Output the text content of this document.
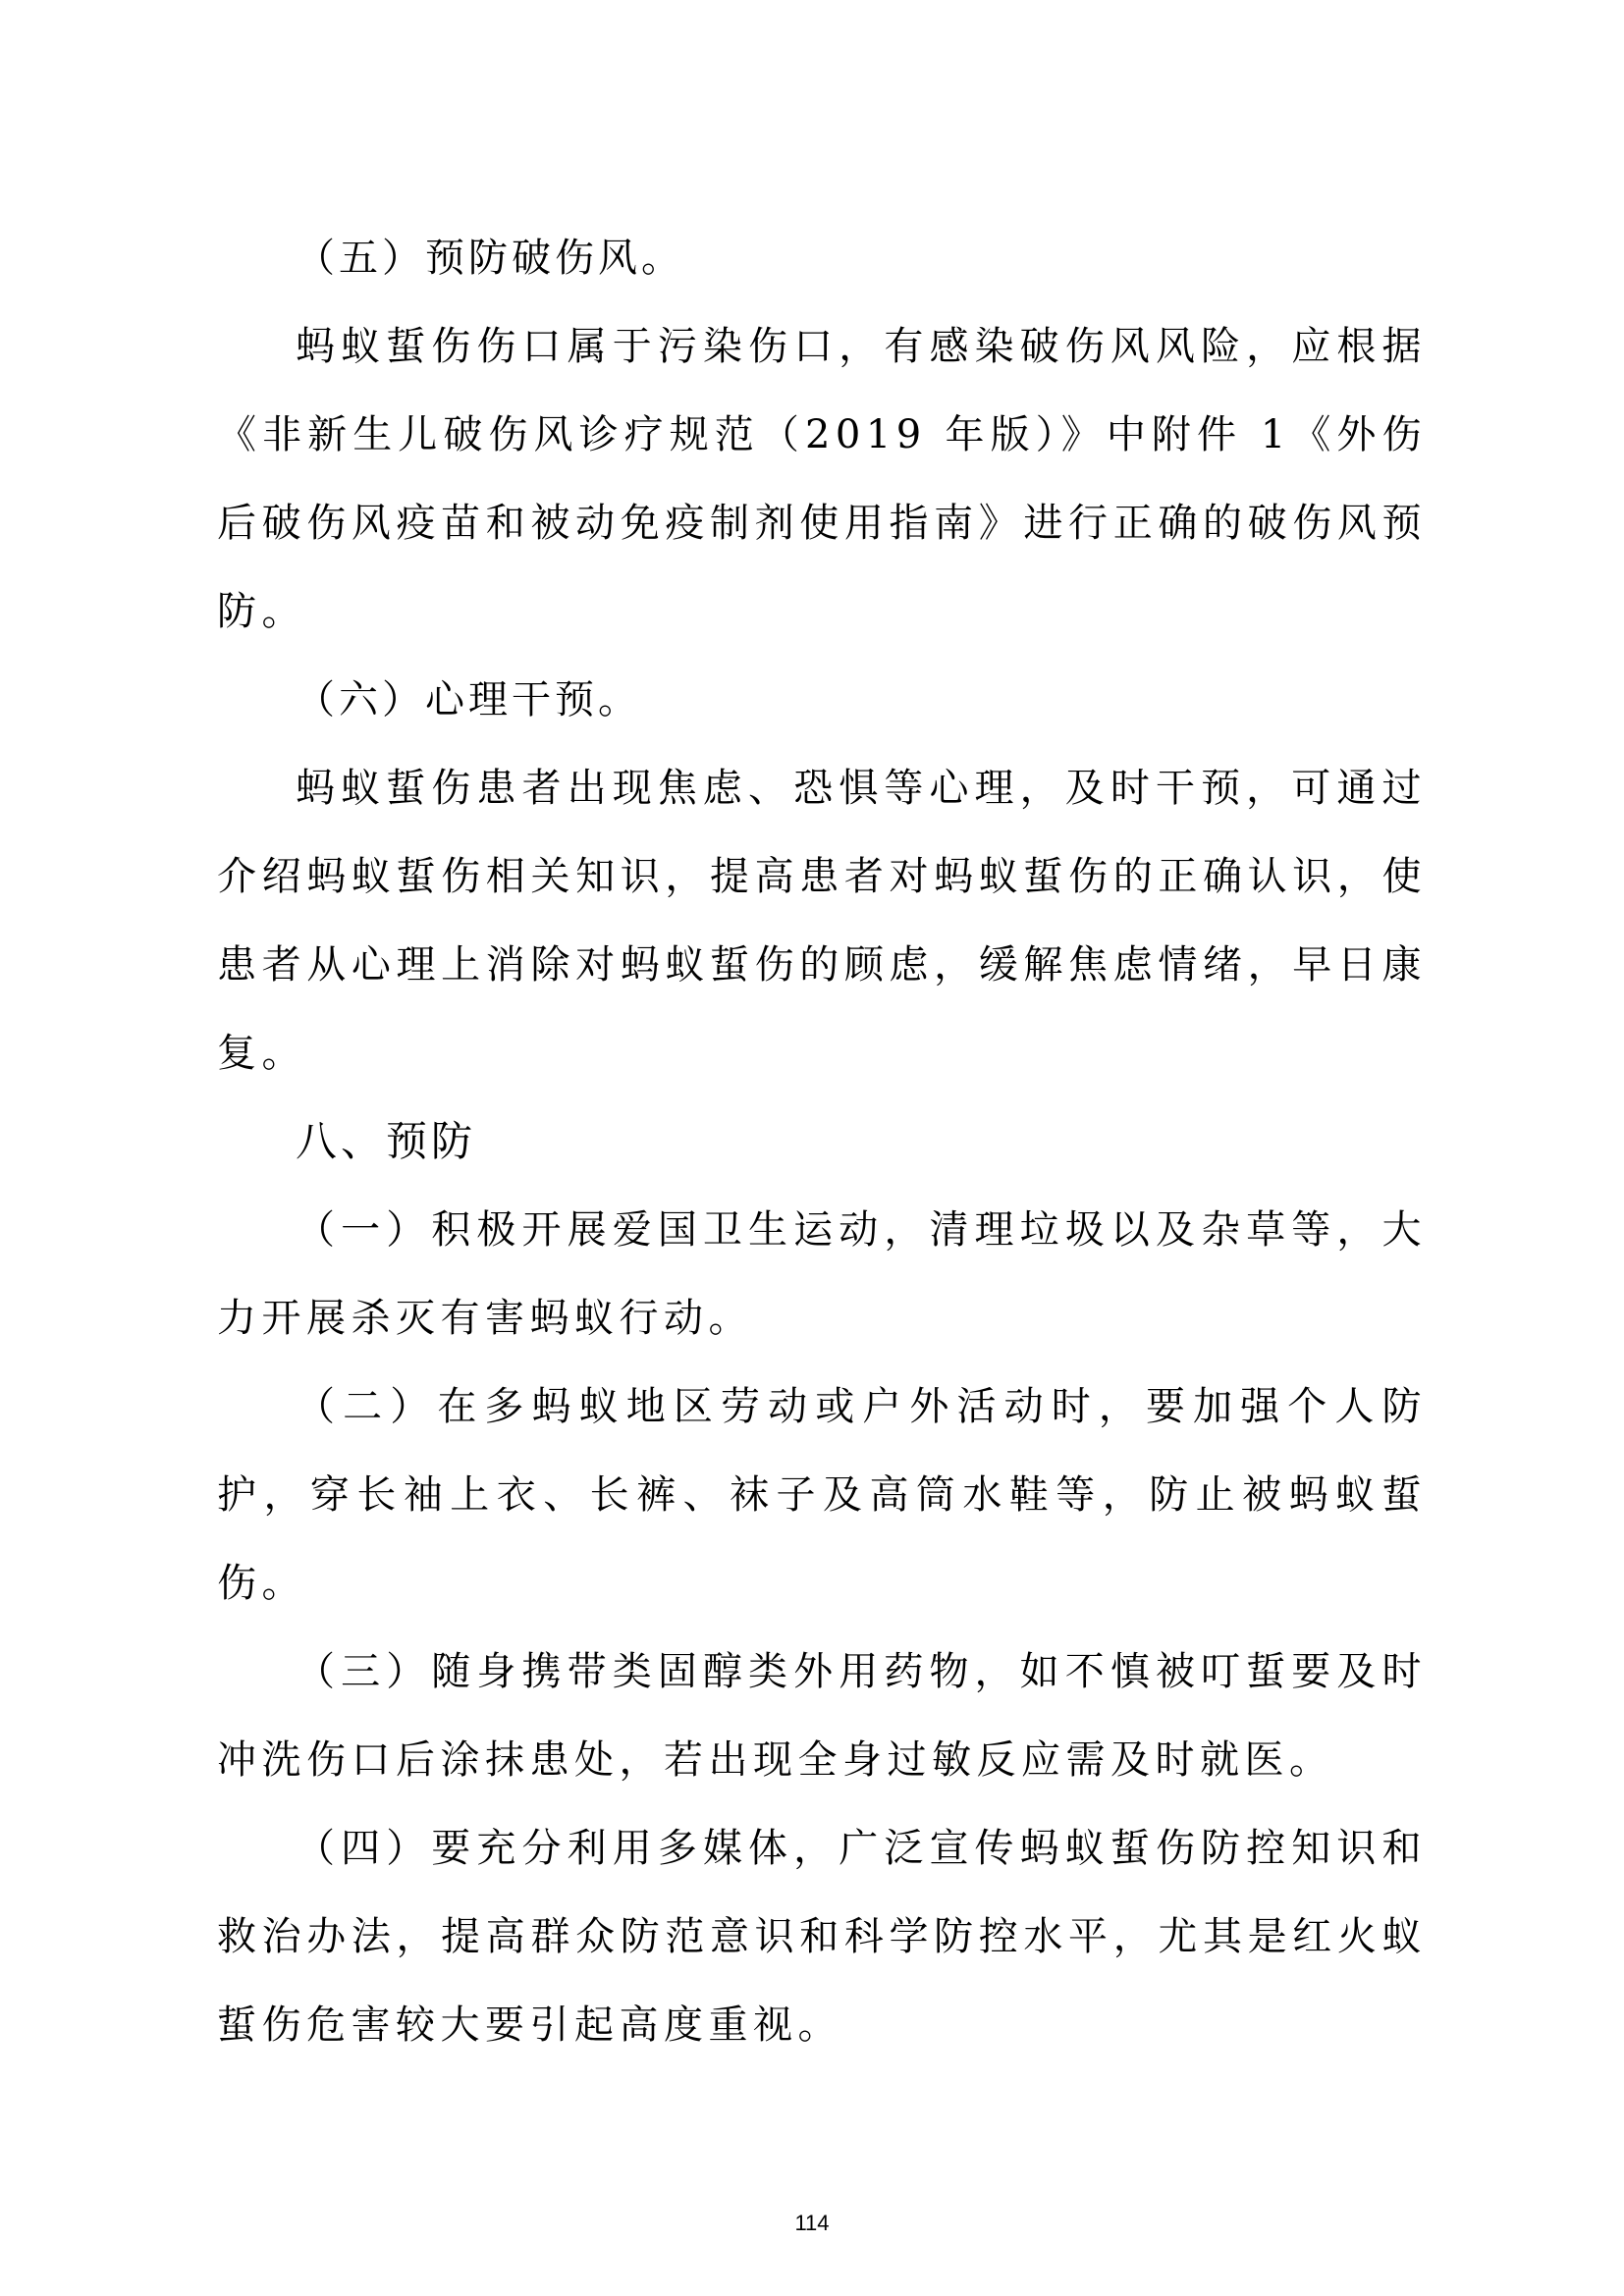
（五）预防破伤风。

蚂蚁蜇伤伤口属于污染伤口，有感染破伤风风险，应根据《非新生儿破伤风诊疗规范（2019 年版）》中附件 1《外伤后破伤风疫苗和被动免疫制剂使用指南》进行正确的破伤风预防。

（六）心理干预。

蚂蚁蜇伤患者出现焦虑、恐惧等心理，及时干预，可通过介绍蚂蚁蜇伤相关知识，提高患者对蚂蚁蜇伤的正确认识，使患者从心理上消除对蚂蚁蜇伤的顾虑，缓解焦虑情绪，早日康复。

八、预防

（一）积极开展爱国卫生运动，清理垃圾以及杂草等，大力开展杀灭有害蚂蚁行动。

（二）在多蚂蚁地区劳动或户外活动时，要加强个人防护，穿长袖上衣、长裤、袜子及高筒水鞋等，防止被蚂蚁蜇伤。

（三）随身携带类固醇类外用药物，如不慎被叮蜇要及时冲洗伤口后涂抹患处，若出现全身过敏反应需及时就医。

（四）要充分利用多媒体，广泛宣传蚂蚁蜇伤防控知识和救治办法，提高群众防范意识和科学防控水平，尤其是红火蚁蜇伤危害较大要引起高度重视。

114
